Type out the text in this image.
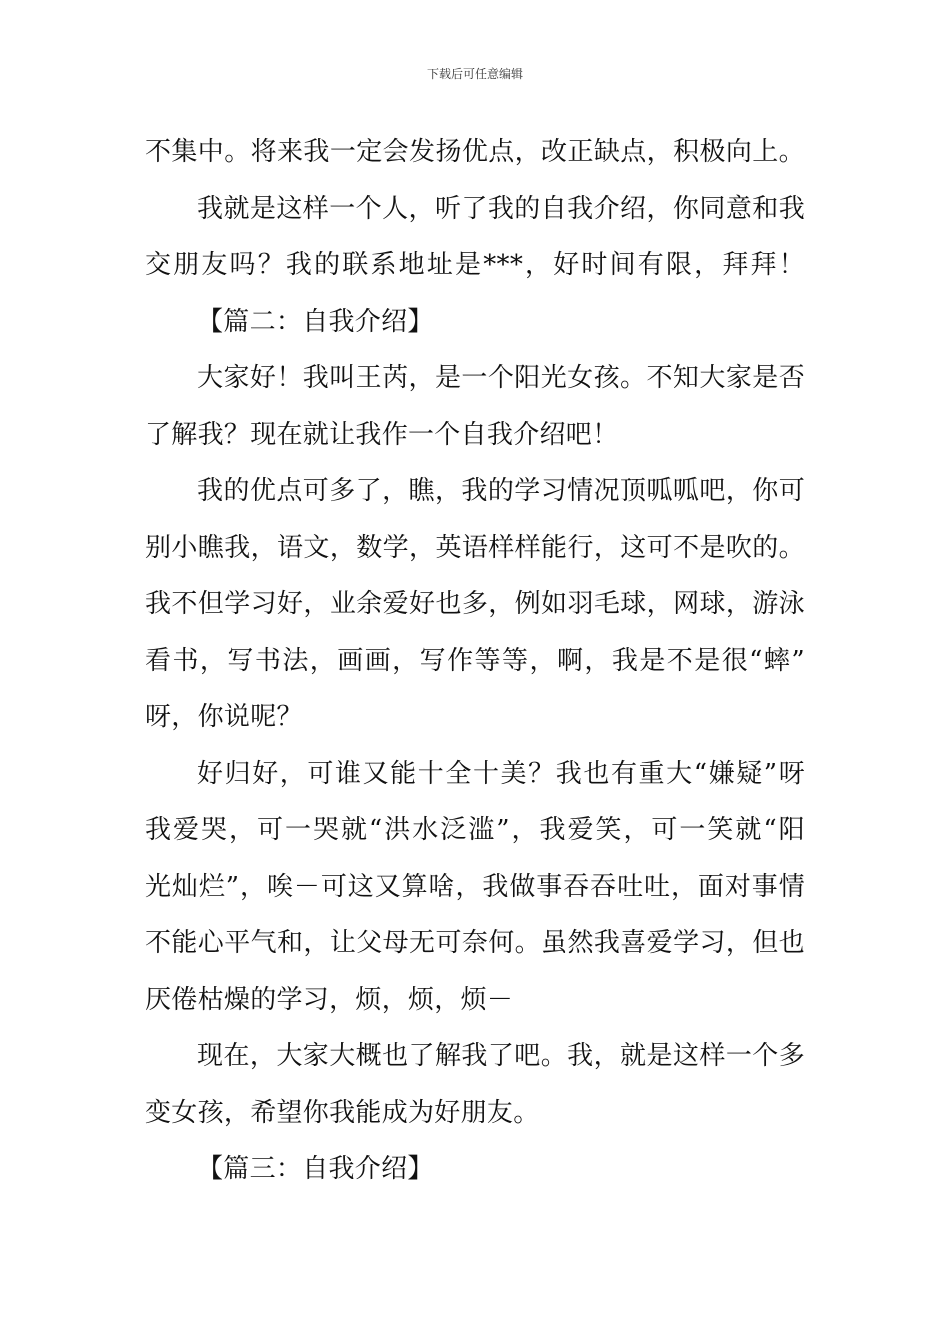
下载后可任意编辑
不集中。将来我一定会发扬优点，改正缺点，积极向上。
我就是这样一个人，听了我的自我介绍，你同意和我
交朋友吗？我的联系地址是***，好时间有限，拜拜！
【篇二：自我介绍】
大家好！我叫王芮，是一个阳光女孩。不知大家是否
了解我？现在就让我作一个自我介绍吧！
我的优点可多了，瞧，我的学习情况顶呱呱吧，你可
别小瞧我，语文，数学，英语样样能行，这可不是吹的。
我不但学习好，业余爱好也多，例如羽毛球，网球，游泳
看书，写书法，画画，写作等等，啊，我是不是很“蟀”
呀，你说呢？
好归好，可谁又能十全十美？我也有重大“嫌疑”呀
我爱哭，可一哭就“洪水泛滥”，我爱笑，可一笑就“阳
光灿烂”，唉－可这又算啥，我做事吞吞吐吐，面对事情
不能心平气和，让父母无可奈何。虽然我喜爱学习，但也
厌倦枯燥的学习，烦，烦，烦－
现在，大家大概也了解我了吧。我，就是这样一个多
变女孩，希望你我能成为好朋友。
【篇三：自我介绍】
